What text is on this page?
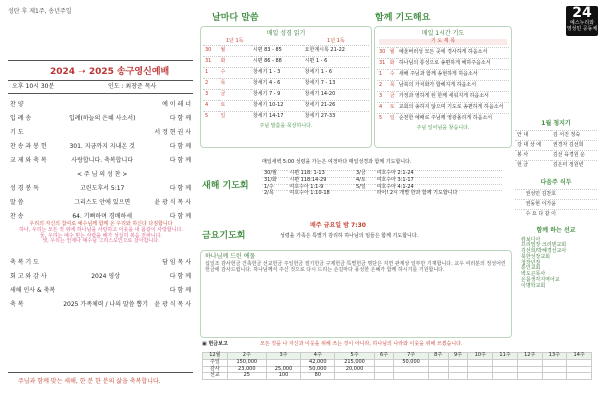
성탄 후 제1주, 송년주일
날마다 말씀	함께 기도해요	24
예스누리와
영성민 공동체
2024 ➝ 2025 송구영신예배
오후 10시 30분	인도 : 최창준 목사
찬 양		예 이 레 너
입 례 송	입례(하늘의 은혜 사소서)	다 함 께
기 도		서 정 현 권 사
찬 송 과 봉 헌	301. 지금까지 지내온 것	다 함 께
교 제 와 축 복	사랑합니다. 축복합니다	다 함 께
	< 주 님 의 성 찬 >	
성 경 봉 독	고린도후서 5:17	다 함 께
말 씀	그리스도 안에 있으면	윤 광 식 목 사
찬 송	64. 기뻐하며 경배하세	다 함 께
우리의 자신의 참여로 예수님께 함께 온 우리와 하신다 다짐합니다
하나, 우리는 모든 것 위에 하나님을 사랑하고 이웃을 내 몸같이 사랑합니다.
둘, 우리는 예수 믿는 사람을 해가 성실히 복음 전파니다.
셋, 우리는 언제나 예수님 그리스도인으로 살아갑니다.
축 복 기 도		담 임 목 사
회 고 와 감 사	2024 영상	다 함 께
새해 인사 & 축복		다 함 께
축 복	2025 가족체력 / 나의 말씀 뽑기	윤 광 식 목 사
주님과 함께 맞는 새해, 한 분 한 분의 삶을 축복합니다.
매일 성경 읽기
	1년 1독		1년 1독
30	월	시편 83 - 85	요한계시록 21-22
31	화	시편 86 - 88	시편 1 - 6
1	수	창세기 1 - 3	창세기 1 - 6
2	목	창세기 4 - 6	창세기 7 - 13
3	금	창세기 7 - 9	창세기 14-20
4	토	창세기 10-12	창세기 21-26
5	일	창세기 14-17	창세기 27-33
주님 말씀을 묵상하니다.
매일 1시간 기도
기 도 제 목
30	월	예울버러성 모든 곳에 경사하게 하옵소서
31	화	하나님의 통성으로 송편하게 해하주옵소서
1	수	새해 주님과 함께 송현하게 하옵소서
2	목	남북의 가치화가 합해지게 하옵소서
3	금	가정과 영하게 된 한께 세워지게 하옵소서
4	토	교회의 송하지 않으며 기도로 송편하게 하옵소서
5	일	순천한 예배로 주님께 영광올리게 하옵소서
주님 일어님을 찾습니다.
새해 기도회
매일새벽 5:00 성령을 가는은 여정마다 매일성경과 함께 기도합니다.
30/월	시편 118: 1-13	3/금	여호수아 2:1-24
31/화	시편 118:14-29	4/토	여호수아 3:1-17
1/수	여호수아 1:1-9	5/일	여호수아 4:1-24
2/목	여호수아 1:10-18		라어! 2시 개별 한과 함께 기도합니다
금요기도회
매주 금요일 밤 7:30
성령을 가족은 특별기 감리하 하나님의 임들은 함께 기도합니다.
하나님께 드린 예물
십일조 감사헌금 건축헌금 선교헌금 주일헌금 절기헌금 구제헌금 특별헌금 명단은 지면 관계상 일부만 기재합니다. 교우 여러분의 정성어린 헌금에 감사드립니다. 하나님께서 주신 것으로 다시 드리는 손길마다 풍성한 은혜가 함께 하시기를 기원합니다.
▣ 헌금보고	모든 것을 나 자신과 이웃을 위해 쓰는 것이 아니라, 하나님의 나라와 이웃을 위해 쓰겠습니다.
12월	2주	3주	4주	5주	6주	7주	8주	9주	10주	11주	12주	13주	14주
주일	150,000		42,000	215,000		50,000							
감사	23,000	25,000	50,000	20,000									
선교	25	100	80										
1월 청지기
안 내	김 서진 정숙
강 대 상 에	권경자 김선희
봉 사	김선 육경원 운
헌 금	김은미 정원빈
다음주 식두
	권성민 김찬호
	권동현 이가윤
	수 요 다 같 이
함께 하는 선교
캄보디아
프리빌장 크리덴교회
김선희/박혜경선교사
북한성장교회
청장년장
통인교회
벽도곤목사
온몸생각지역아교
이명학교회
